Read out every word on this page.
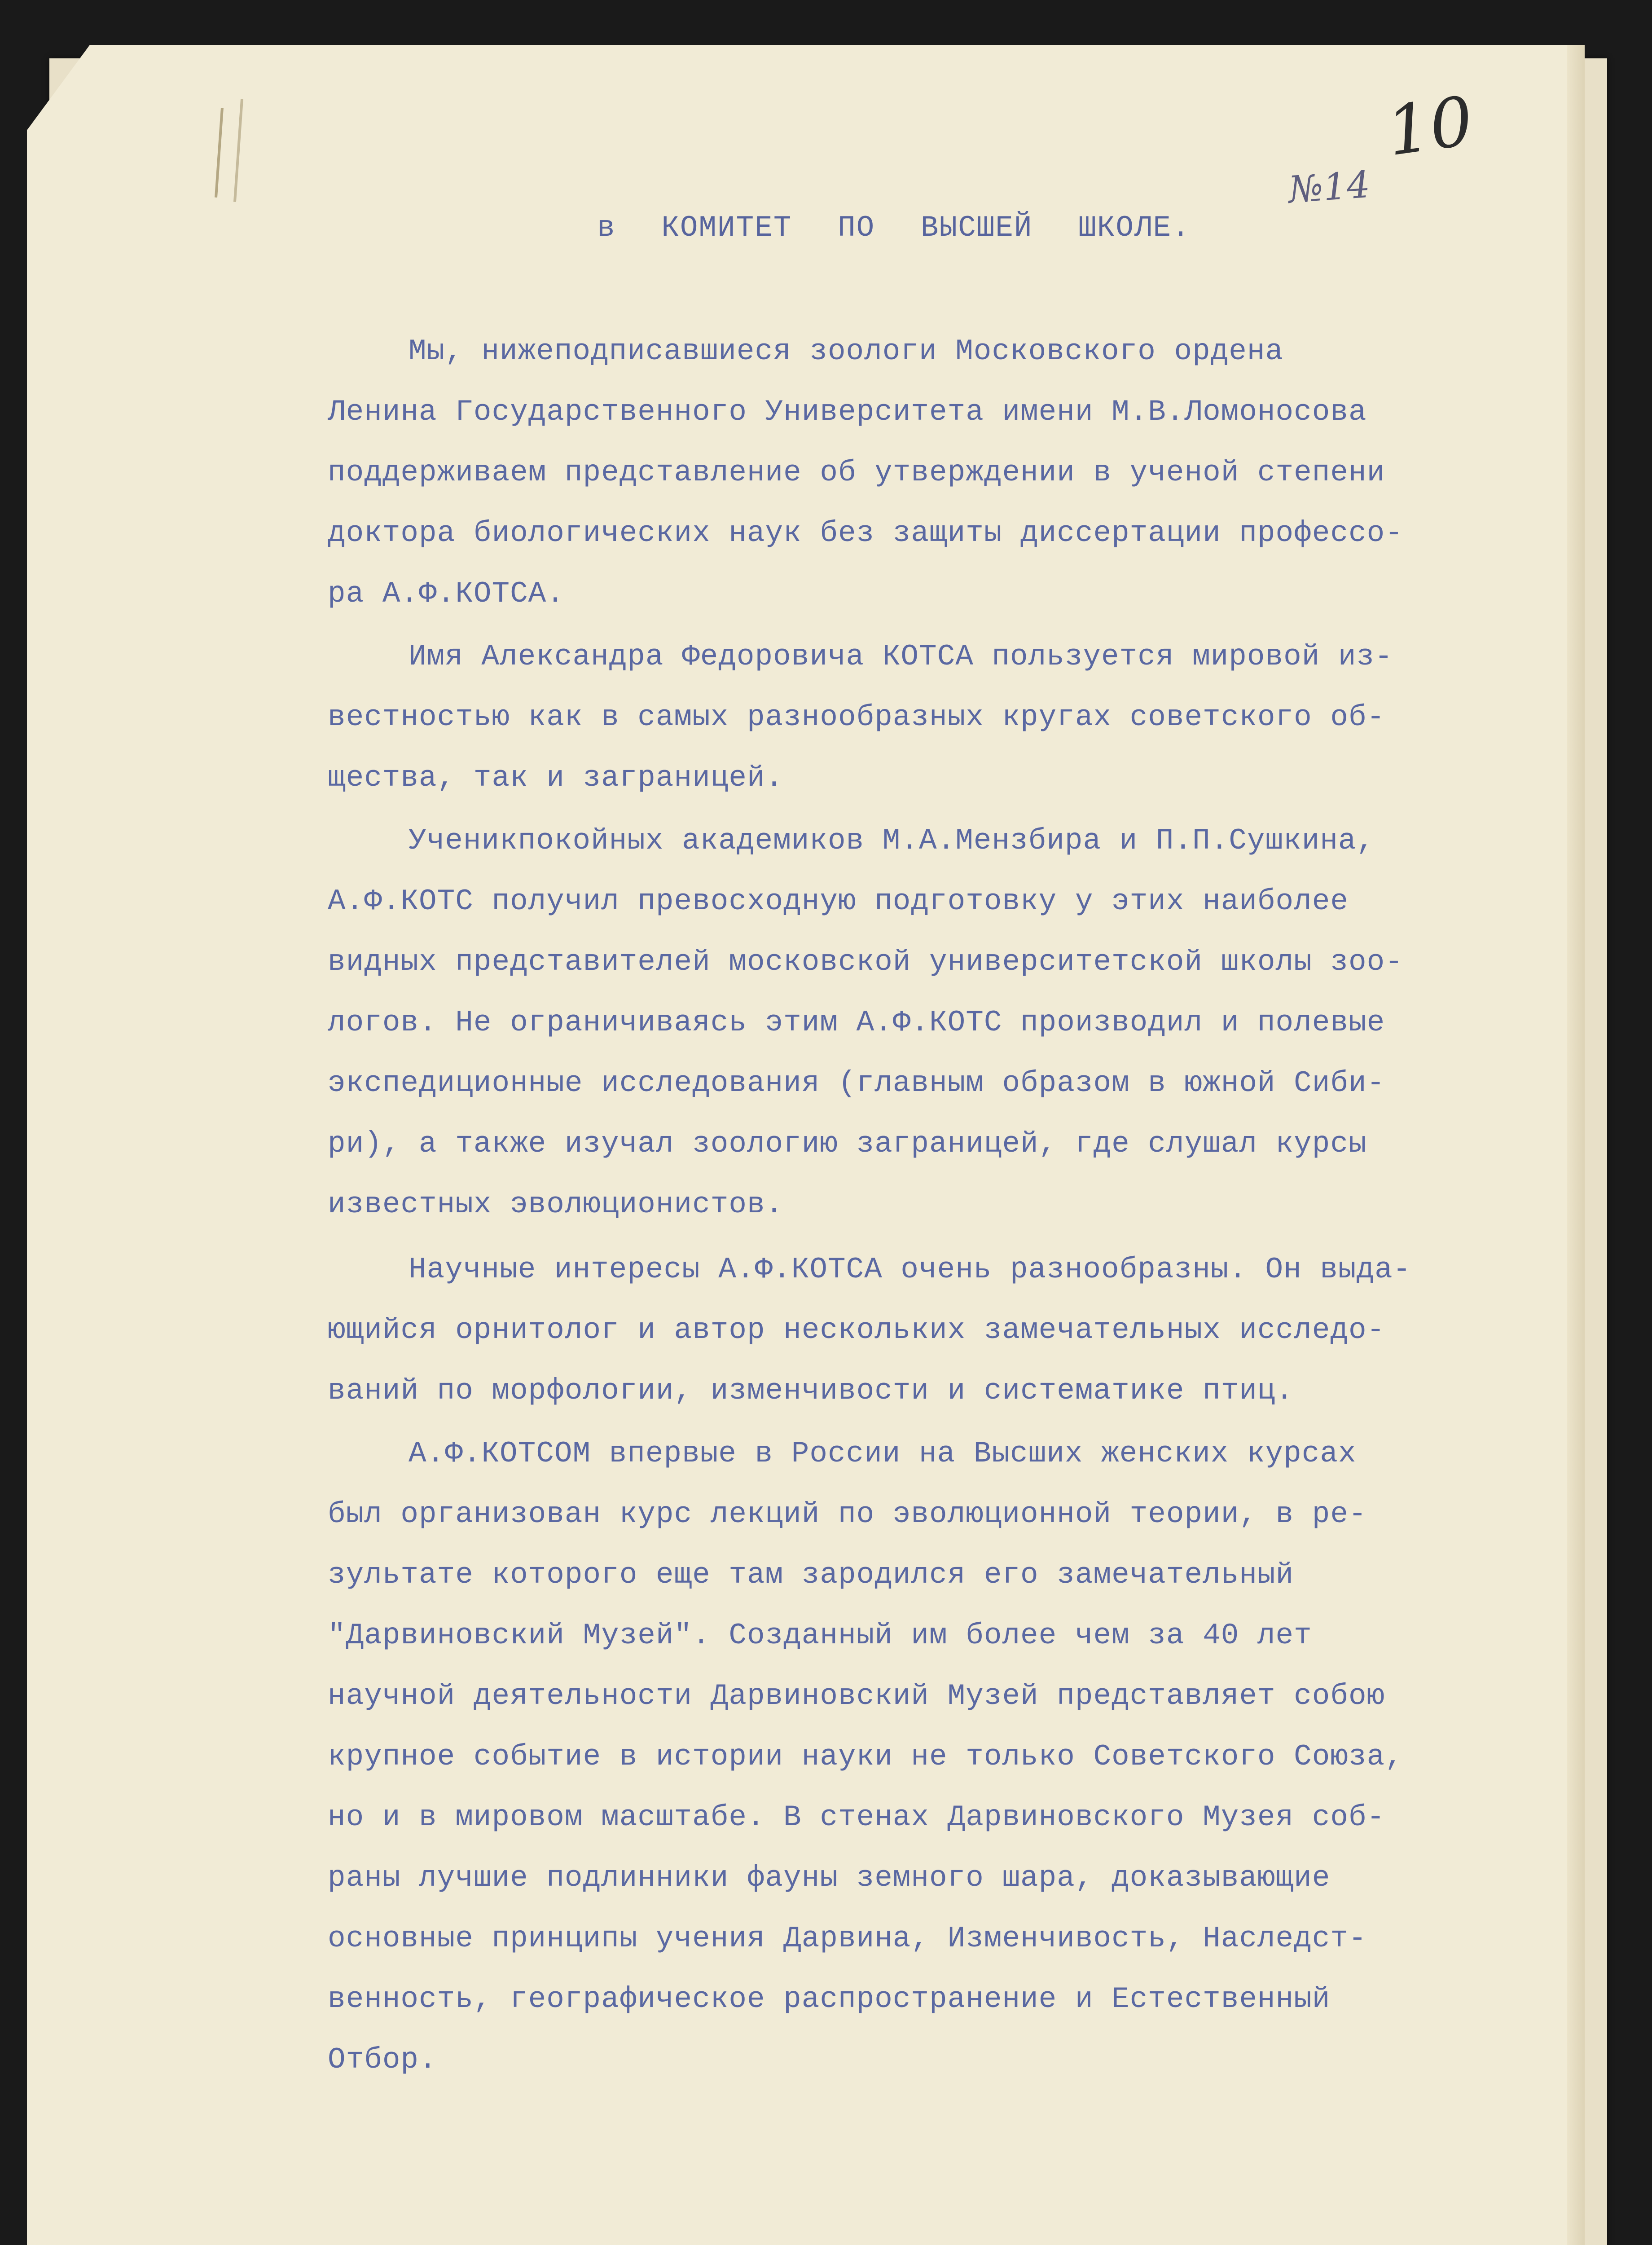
10
№14
в КОМИТЕТ ПО ВЫСШЕЙ ШКОЛЕ.
Мы, нижеподписавшиеся зоологи Московского ордена
Ленина Государственного Университета имени М.В.Ломоносова
поддерживаем представление об утверждении в ученой степени
доктора биологических наук без защиты диссертации профессо-
ра А.Ф.КОТСА.
Имя Александра Федоровича КОТСА пользуется мировой из-
вестностью как в самых разнообразных кругах советского об-
щества, так и заграницей.
Ученикпокойных академиков М.А.Мензбира и П.П.Сушкина,
А.Ф.КОТС получил превосходную подготовку у этих наиболее
видных представителей московской университетской школы зоо-
логов. Не ограничиваясь этим А.Ф.КОТС производил и полевые
экспедиционные исследования (главным образом в южной Сиби-
ри), а также изучал зоологию заграницей, где слушал курсы
известных эволюционистов.
Научные интересы А.Ф.КОТСА очень разнообразны. Он выда-
ющийся орнитолог и автор нескольких замечательных исследо-
ваний по морфологии, изменчивости и систематике птиц.
А.Ф.КОТСОМ впервые в России на Высших женских курсах
был организован курс лекций по эволюционной теории, в ре-
зультате которого еще там зародился его замечательный
"Дарвиновский Музей". Созданный им более чем за 40 лет
научной деятельности Дарвиновский Музей представляет собою
крупное событие в истории науки не только Советского Союза,
но и в мировом масштабе. В стенах Дарвиновского Музея соб-
раны лучшие подлинники фауны земного шара, доказывающие
основные принципы учения Дарвина, Изменчивость, Наследст-
венность, географическое распространение и Естественный
Отбор.
